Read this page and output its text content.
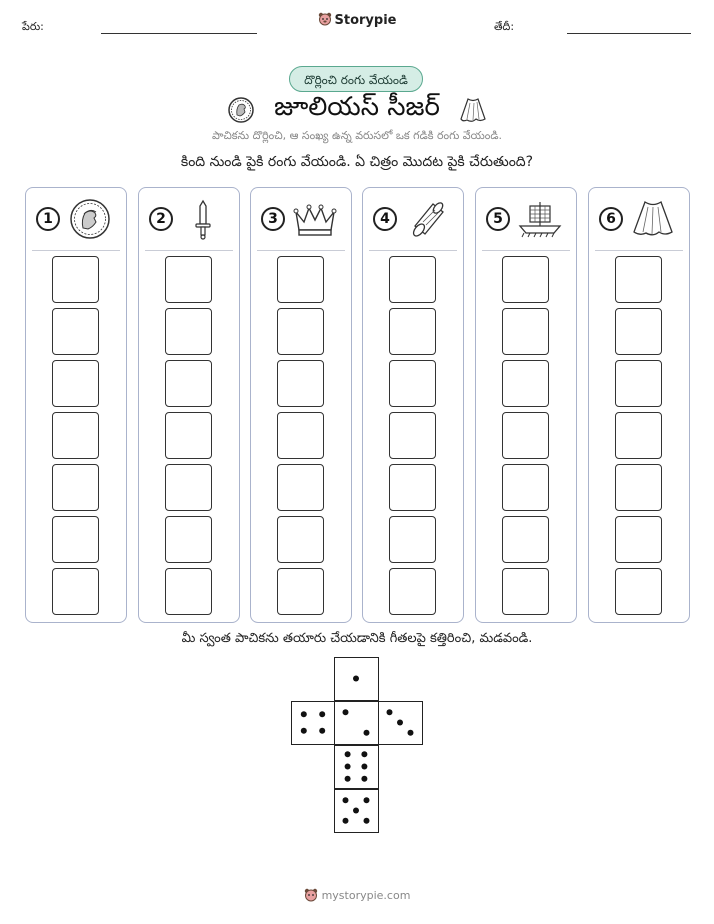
పేరు:	Storypie	తేదీ:
దొర్లించి రంగు వేయండి
జూలియస్ సీజర్
పాచికను దొర్లించి, ఆ సంఖ్య ఉన్న వరుసలో ఒక గడికి రంగు వేయండి.
కింది నుండి పైకి రంగు వేయండి. ఏ చిత్రం మొదట పైకి చేరుతుంది?
1	2	3	4	5	6
మీ స్వంత పాచికను తయారు చేయడానికి గీతలపై కత్తిరించి, మడవండి.
mystorypie.com
